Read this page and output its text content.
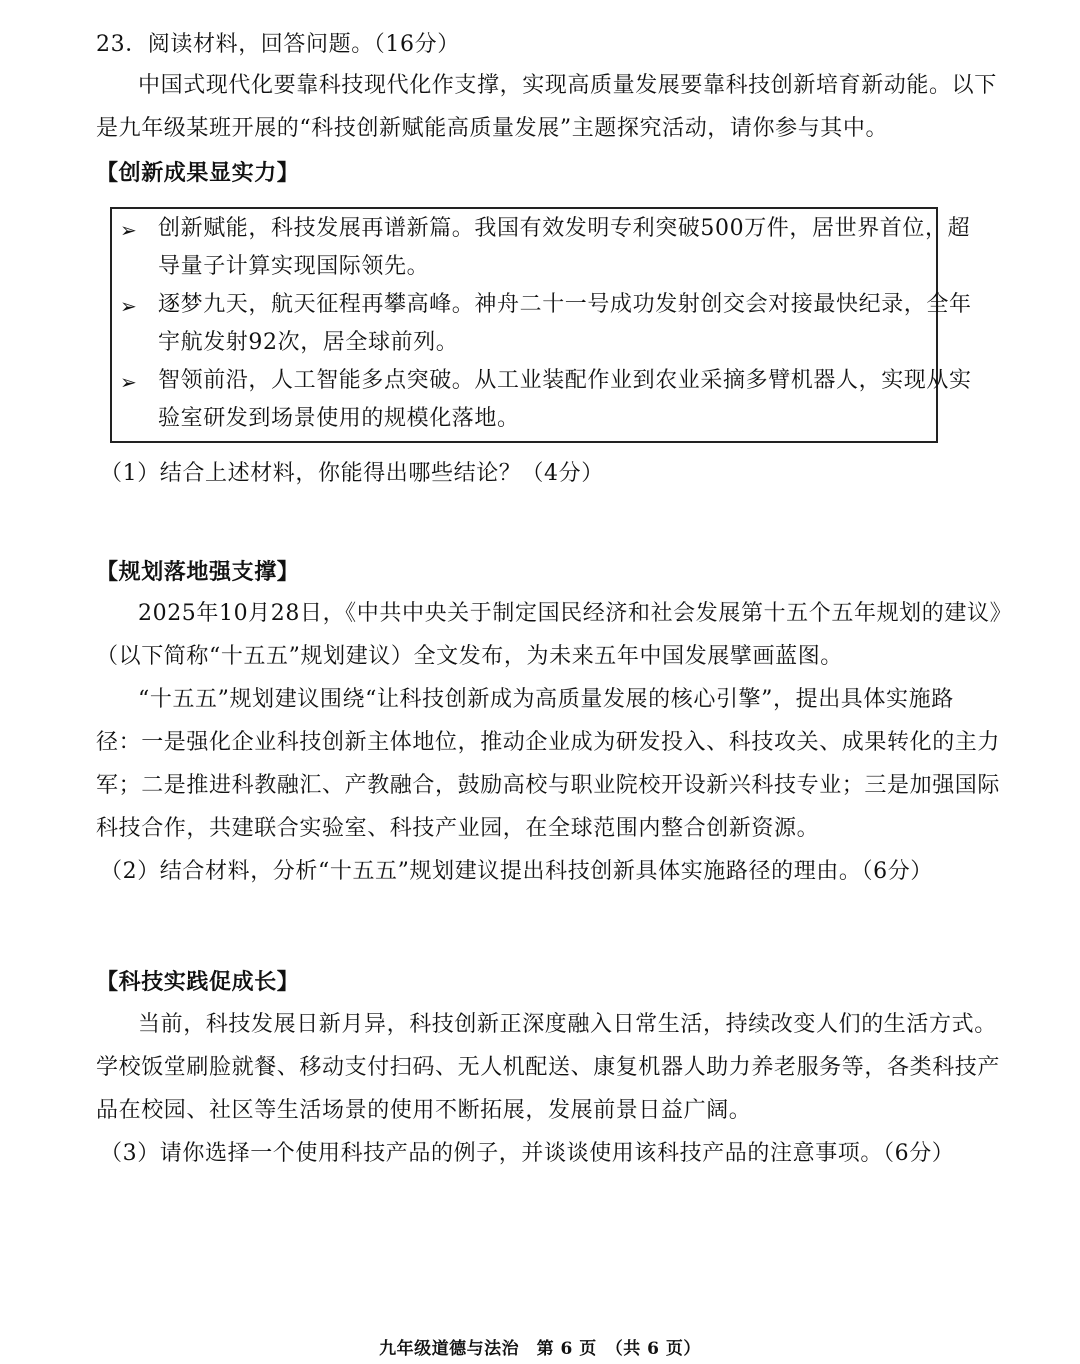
23．阅读材料，回答问题。（16分）
中国式现代化要靠科技现代化作支撑，实现高质量发展要靠科技创新培育新动能。以下
是九年级某班开展的“科技创新赋能高质量发展”主题探究活动，请你参与其中。
【创新成果显实力】
➢ 创新赋能，科技发展再谱新篇。我国有效发明专利突破500万件，居世界首位，超
导量子计算实现国际领先。
➢ 逐梦九天，航天征程再攀高峰。神舟二十一号成功发射创交会对接最快纪录，全年
宇航发射92次，居全球前列。
➢ 智领前沿，人工智能多点突破。从工业装配作业到农业采摘多臂机器人，实现从实
验室研发到场景使用的规模化落地。
（1）结合上述材料，你能得出哪些结论？（4分）
【规划落地强支撑】
2025年10月28日，《中共中央关于制定国民经济和社会发展第十五个五年规划的建议》
（以下简称“十五五”规划建议）全文发布，为未来五年中国发展擘画蓝图。
“十五五”规划建议围绕“让科技创新成为高质量发展的核心引擎”，提出具体实施路
径：一是强化企业科技创新主体地位，推动企业成为研发投入、科技攻关、成果转化的主力
军；二是推进科教融汇、产教融合，鼓励高校与职业院校开设新兴科技专业；三是加强国际
科技合作，共建联合实验室、科技产业园，在全球范围内整合创新资源。
（2）结合材料，分析“十五五”规划建议提出科技创新具体实施路径的理由。（6分）
【科技实践促成长】
当前，科技发展日新月异，科技创新正深度融入日常生活，持续改变人们的生活方式。
学校饭堂刷脸就餐、移动支付扫码、无人机配送、康复机器人助力养老服务等，各类科技产
品在校园、社区等生活场景的使用不断拓展，发展前景日益广阔。
（3）请你选择一个使用科技产品的例子，并谈谈使用该科技产品的注意事项。（6分）
九年级道德与法治　第 6 页　（共 6 页）
